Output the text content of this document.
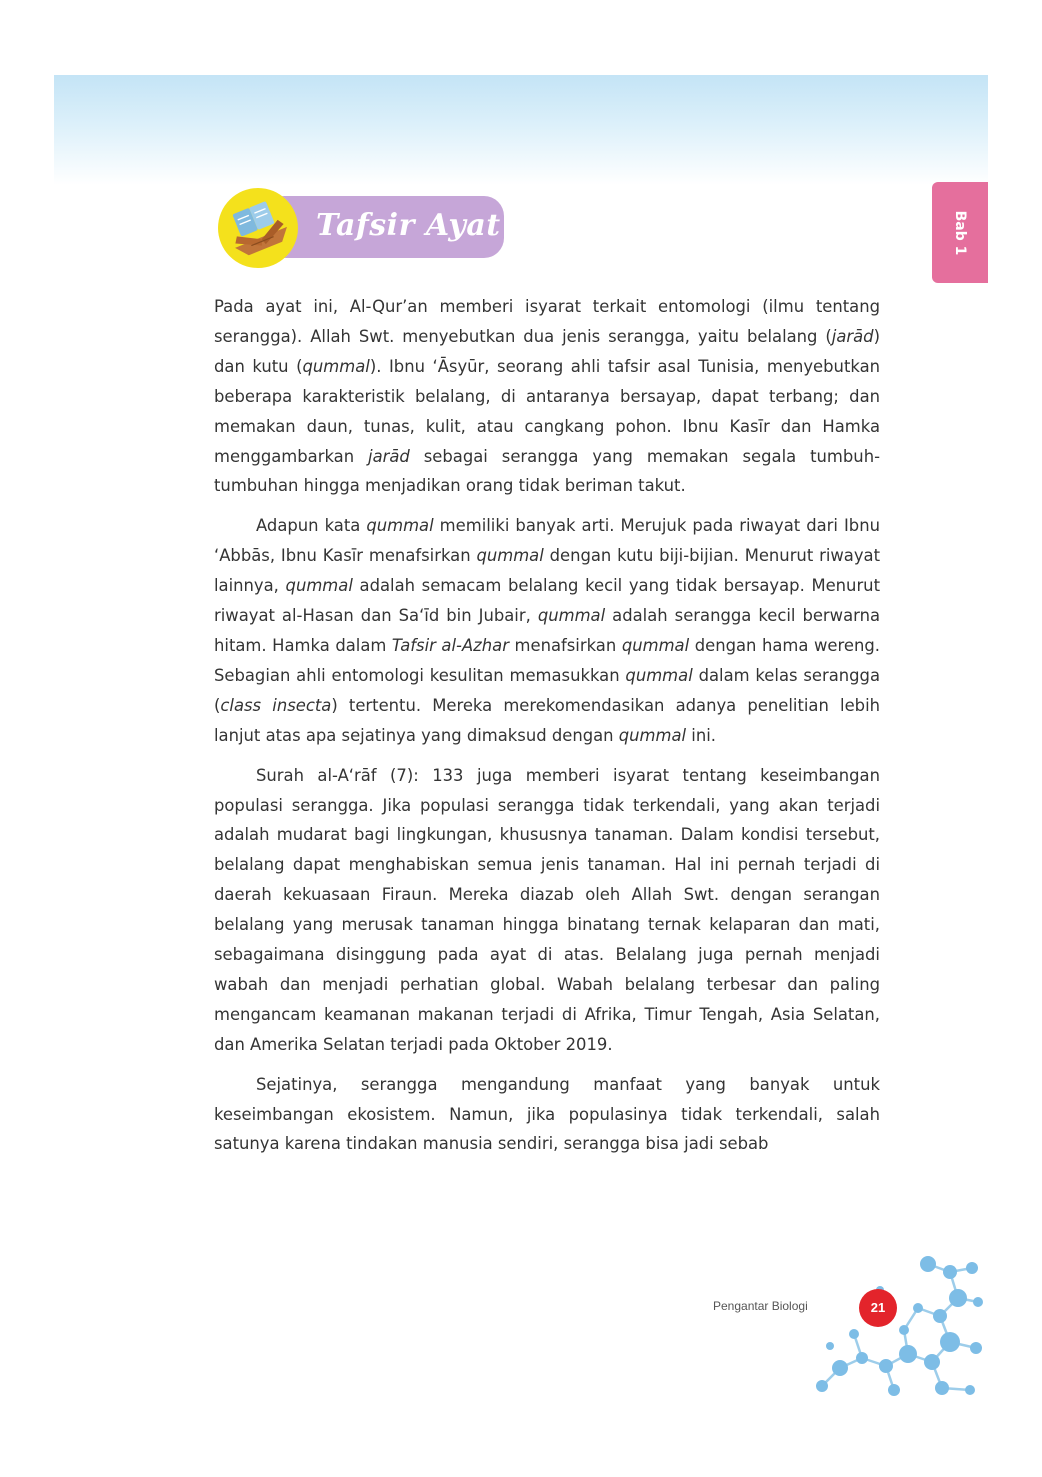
Bab 1
Tafsir Ayat

Pada ayat ini, Al-Qur’an memberi isyarat terkait entomologi (ilmu tentang serangga). Allah Swt. menyebutkan dua jenis serangga, yaitu belalang (jarād) dan kutu (qummal). Ibnu ‘Āsyūr, seorang ahli tafsir asal Tunisia, menyebutkan beberapa karakteristik belalang, di antaranya bersayap, dapat terbang; dan memakan daun, tunas, kulit, atau cangkang pohon. Ibnu Kasīr dan Hamka menggambarkan jarād sebagai serangga yang memakan segala tumbuh-tumbuhan hingga menjadikan orang tidak beriman takut.

Adapun kata qummal memiliki banyak arti. Merujuk pada riwayat dari Ibnu ‘Abbās, Ibnu Kasīr menafsirkan qummal dengan kutu biji-bijian. Menurut riwayat lainnya, qummal adalah semacam belalang kecil yang tidak bersayap. Menurut riwayat al-Hasan dan Sa‘īd bin Jubair, qummal adalah serangga kecil berwarna hitam. Hamka dalam Tafsir al-Azhar menafsirkan qummal dengan hama wereng. Sebagian ahli entomologi kesulitan memasukkan qummal dalam kelas serangga (class insecta) tertentu. Mereka merekomendasikan adanya penelitian lebih lanjut atas apa sejatinya yang dimaksud dengan qummal ini.

Surah al-A‘rāf (7): 133 juga memberi isyarat tentang keseimbangan populasi serangga. Jika populasi serangga tidak terkendali, yang akan terjadi adalah mudarat bagi lingkungan, khususnya tanaman. Dalam kondisi tersebut, belalang dapat menghabiskan semua jenis tanaman. Hal ini pernah terjadi di daerah kekuasaan Firaun. Mereka diazab oleh Allah Swt. dengan serangan belalang yang merusak tanaman hingga binatang ternak kelaparan dan mati, sebagaimana disinggung pada ayat di atas. Belalang juga pernah menjadi wabah dan menjadi perhatian global. Wabah belalang terbesar dan paling mengancam keamanan makanan terjadi di Afrika, Timur Tengah, Asia Selatan, dan Amerika Selatan terjadi pada Oktober 2019.

Sejatinya, serangga mengandung manfaat yang banyak untuk keseimbangan ekosistem. Namun, jika populasinya tidak terkendali, salah satunya karena tindakan manusia sendiri, serangga bisa jadi sebab

Pengantar Biologi	21
